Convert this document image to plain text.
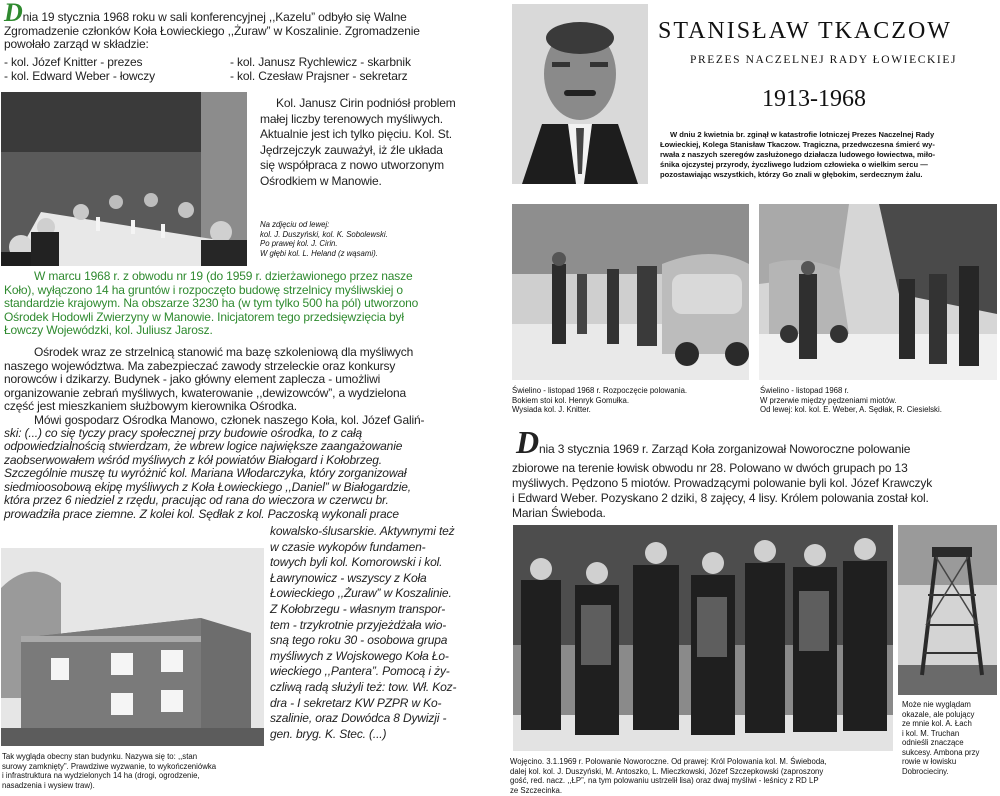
Dnia 19 stycznia 1968 roku w sali konferencyjnej ,,Kazelu” odbyło się Walne
Zgromadzenie członków Koła Łowieckiego ,,Żuraw” w Koszalinie. Zgromadzenie
powołało zarząd w składzie:
- kol. Józef Knitter - prezes	- kol. Janusz Rychlewicz - skarbnik
- kol. Edward Weber - łowczy	- kol. Czesław Prajsner - sekretarz
Kol. Janusz Cirin podniósł problem
małej liczby terenowych myśliwych.
Aktualnie jest ich tylko pięciu. Kol. St.
Jędrzejczyk zauważył, iż źle układa
się współpraca z nowo utworzonym
Ośrodkiem w Manowie.
Na zdjęciu od lewej:
kol. J. Duszyński, kol. K. Sobolewski.
Po prawej kol. J. Cirin.
W głębi kol. L. Heland (z wąsami).
W marcu 1968 r. z obwodu nr 19 (do 1959 r. dzierżawionego przez nasze
Koło), wyłączono 14 ha gruntów i rozpoczęto budowę strzelnicy myśliwskiej o
standardzie krajowym. Na obszarze 3230 ha (w tym tylko 500 ha pól) utworzono
Ośrodek Hodowli Zwierzyny w Manowie. Inicjatorem tego przedsięwzięcia był
Łowczy Wojewódzki, kol. Juliusz Jarosz.
Ośrodek wraz ze strzelnicą stanowić ma bazę szkoleniową dla myśliwych
naszego województwa. Ma zabezpieczać zawody strzeleckie oraz konkursy
norowców i dzikarzy. Budynek - jako główny element zaplecza - umożliwi
organizowanie zebrań myśliwych, kwaterowanie ,,dewizowców”, a wydzielona
część jest mieszkaniem służbowym kierownika Ośrodka.
Mówi gospodarz Ośrodka Manowo, członek naszego Koła, kol. Józef Galiń-
ski: (...) co się tyczy pracy społecznej przy budowie ośrodka, to z całą
odpowiedzialnością stwierdzam, że wbrew logice największe zaangażowanie
zaobserwowałem wśród myśliwych z kół powiatów Białogard i Kołobrzeg.
Szczególnie muszę tu wyróżnić kol. Mariana Włodarczyka, który zorganizował
siedmioosobową ekipę myśliwych z Koła Łowieckiego ,,Daniel” w Białogardzie,
która przez 6 niedziel z rzędu, pracując od rana do wieczora w czerwcu br.
prowadziła prace ziemne. Z kolei kol. Sędłak z kol. Paczoską wykonali prace
kowalsko-ślusarskie. Aktywnymi też
w czasie wykopów fundamen-
towych byli kol. Komorowski i kol.
Ławrynowicz - wszyscy z Koła
Łowieckiego ,,Żuraw” w Koszalinie.
Z Kołobrzegu - własnym transpor-
tem - trzykrotnie przyjeżdżała wio-
sną tego roku 30 - osobowa grupa
myśliwych z Wojskowego Koła Ło-
wieckiego ,,Pantera”. Pomocą i ży-
czliwą radą służyli też: tow. Wł. Koz-
dra - I sekretarz KW PZPR w Ko-
szalinie, oraz Dowódca 8 Dywizji -
gen. bryg. K. Stec. (...)
Tak wygląda obecny stan budynku. Nazywa się to: ,,stan
surowy zamknięty”. Prawdziwe wyzwanie, to wykończeniówka
i infrastruktura na wydzielonych 14 ha (drogi, ogrodzenie,
nasadzenia i wysiew traw).
STANISŁAW TKACZOW
PREZES NACZELNEJ RADY ŁOWIECKIEJ
1913-1968
W dniu 2 kwietnia br. zginął w katastrofie lotniczej Prezes Naczelnej Rady
Łowieckiej, Kolega Stanisław Tkaczow. Tragiczna, przedwczesna śmierć wy-
rwała z naszych szeregów zasłużonego działacza ludowego łowiectwa, miło-
śnika ojczystej przyrody, życzliwego ludziom człowieka o wielkim sercu —
pozostawiając wszystkich, którzy Go znali w głębokim, serdecznym żalu.
Świelino - listopad 1968 r. Rozpoczęcie polowania.
Bokiem stoi kol. Henryk Gomułka.
Wysiada kol. J. Knitter.
Świelino - listopad 1968 r.
W przerwie między pędzeniami miotów.
Od lewej: kol. kol. E. Weber, A. Sędłak, R. Ciesielski.
Dnia 3 stycznia 1969 r. Zarząd Koła zorganizował Noworoczne polowanie
zbiorowe na terenie łowisk obwodu nr 28. Polowano w dwóch grupach po 13
myśliwych. Pędzono 5 miotów. Prowadzącymi polowanie byli kol. Józef Krawczyk
i Edward Weber. Pozyskano 2 dziki, 8 zajęcy, 4 lisy. Królem polowania został kol.
Marian Świeboda.
Wojęcino. 3.1.1969 r. Polowanie Noworoczne. Od prawej: Król Polowania kol. M. Świeboda,
dalej kol. kol. J. Duszyński, M. Antoszko, L. Mieczkowski, Józef Szczepkowski (zaproszony
gość, red. nacz. ,,ŁP”, na tym polowaniu ustrzelił lisa) oraz dwaj myśliwi - leśnicy z RD LP
ze Szczecinka.
Może nie wyglądam
okazale, ale polujący
ze mnie kol. A. Łach
i kol. M. Truchan
odnieśli znaczące
sukcesy. Ambona przy
rowie w łowisku
Dobrocieciny.
